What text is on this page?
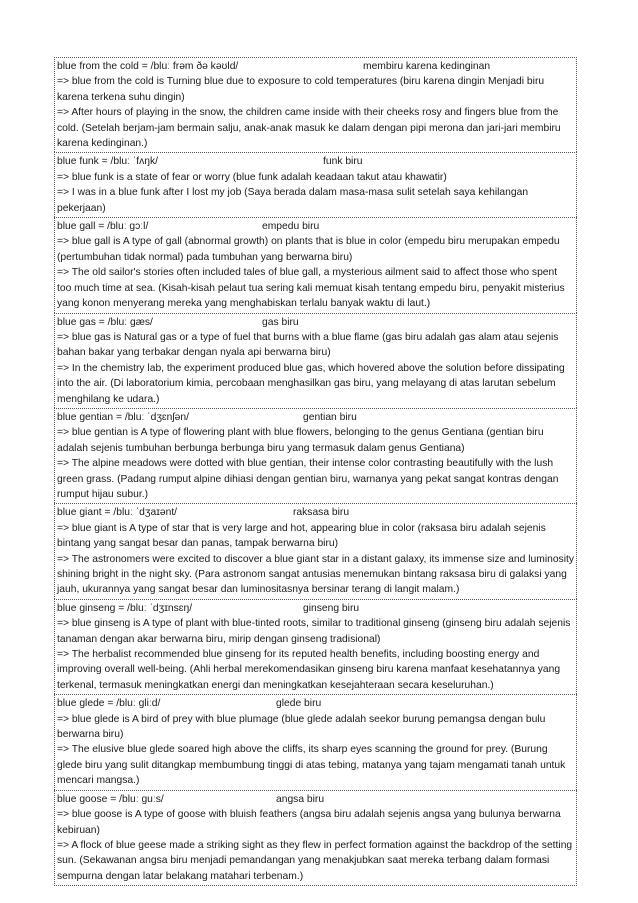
blue from the cold = /bluː frəm ðə kəʊld/	membiru karena kedinginan

=> blue from the cold is Turning blue due to exposure to cold temperatures (biru karena dingin Menjadi biru karena terkena suhu dingin)

=> After hours of playing in the snow, the children came inside with their cheeks rosy and fingers blue from the cold. (Setelah berjam-jam bermain salju, anak-anak masuk ke dalam dengan pipi merona dan jari-jari membiru karena kedinginan.)

blue funk = /bluː ˈfʌŋk/	funk biru

=> blue funk is a state of fear or worry (blue funk adalah keadaan takut atau khawatir)

=> I was in a blue funk after I lost my job (Saya berada dalam masa-masa sulit setelah saya kehilangan pekerjaan)

blue gall = /bluː ɡɔːl/	empedu biru

=> blue gall is A type of gall (abnormal growth) on plants that is blue in color (empedu biru merupakan empedu (pertumbuhan tidak normal) pada tumbuhan yang berwarna biru)

=> The old sailor's stories often included tales of blue gall, a mysterious ailment said to affect those who spent too much time at sea. (Kisah-kisah pelaut tua sering kali memuat kisah tentang empedu biru, penyakit misterius yang konon menyerang mereka yang menghabiskan terlalu banyak waktu di laut.)

blue gas = /bluː ɡæs/	gas biru

=> blue gas is Natural gas or a type of fuel that burns with a blue flame (gas biru adalah gas alam atau sejenis bahan bakar yang terbakar dengan nyala api berwarna biru)

=> In the chemistry lab, the experiment produced blue gas, which hovered above the solution before dissipating into the air. (Di laboratorium kimia, percobaan menghasilkan gas biru, yang melayang di atas larutan sebelum menghilang ke udara.)

blue gentian = /bluː ˈdʒɛnʃən/	gentian biru

=> blue gentian is A type of flowering plant with blue flowers, belonging to the genus Gentiana (gentian biru adalah sejenis tumbuhan berbunga berbunga biru yang termasuk dalam genus Gentiana)

=> The alpine meadows were dotted with blue gentian, their intense color contrasting beautifully with the lush green grass. (Padang rumput alpine dihiasi dengan gentian biru, warnanya yang pekat sangat kontras dengan rumput hijau subur.)

blue giant = /bluː ˈdʒaɪənt/	raksasa biru

=> blue giant is A type of star that is very large and hot, appearing blue in color (raksasa biru adalah sejenis bintang yang sangat besar dan panas, tampak berwarna biru)

=> The astronomers were excited to discover a blue giant star in a distant galaxy, its immense size and luminosity shining bright in the night sky. (Para astronom sangat antusias menemukan bintang raksasa biru di galaksi yang jauh, ukurannya yang sangat besar dan luminositasnya bersinar terang di langit malam.)

blue ginseng = /bluː ˈdʒɪnsɛŋ/	ginseng biru

=> blue ginseng is A type of plant with blue-tinted roots, similar to traditional ginseng (ginseng biru adalah sejenis tanaman dengan akar berwarna biru, mirip dengan ginseng tradisional)

=> The herbalist recommended blue ginseng for its reputed health benefits, including boosting energy and improving overall well-being. (Ahli herbal merekomendasikan ginseng biru karena manfaat kesehatannya yang terkenal, termasuk meningkatkan energi dan meningkatkan kesejahteraan secara keseluruhan.)

blue glede = /bluː ɡliːd/	glede biru

=> blue glede is A bird of prey with blue plumage (blue glede adalah seekor burung pemangsa dengan bulu berwarna biru)

=> The elusive blue glede soared high above the cliffs, its sharp eyes scanning the ground for prey. (Burung glede biru yang sulit ditangkap membumbung tinggi di atas tebing, matanya yang tajam mengamati tanah untuk mencari mangsa.)

blue goose = /bluː ɡuːs/	angsa biru

=> blue goose is A type of goose with bluish feathers (angsa biru adalah sejenis angsa yang bulunya berwarna kebiruan)

=> A flock of blue geese made a striking sight as they flew in perfect formation against the backdrop of the setting sun. (Sekawanan angsa biru menjadi pemandangan yang menakjubkan saat mereka terbang dalam formasi sempurna dengan latar belakang matahari terbenam.)
